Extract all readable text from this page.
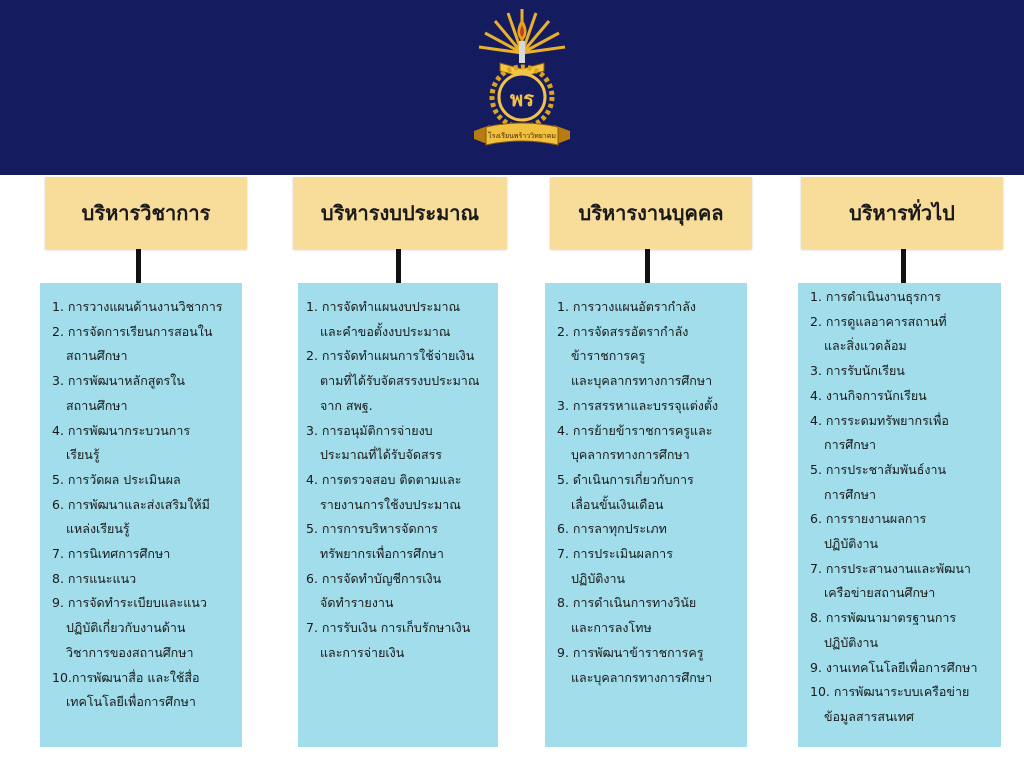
พร
โรงเรียนพร้าววิทยาคม
บริหารวิชาการ
1. การวางแผนด้านงานวิชาการ
2. การจัดการเรียนการสอนใน
สถานศึกษา
3. การพัฒนาหลักสูตรใน
สถานศึกษา
4. การพัฒนากระบวนการ
เรียนรู้
5. การวัดผล ประเมินผล
6. การพัฒนาและส่งเสริมให้มี
แหล่งเรียนรู้
7. การนิเทศการศึกษา
8. การแนะแนว
9. การจัดทำระเบียบและแนว
ปฏิบัติเกี่ยวกับงานด้าน
วิชาการของสถานศึกษา
10.การพัฒนาสื่อ และใช้สื่อ
เทคโนโลยีเพื่อการศึกษา
บริหารงบประมาณ
1. การจัดทำแผนงบประมาณ
และคำขอตั้งงบประมาณ
2. การจัดทำแผนการใช้จ่ายเงิน
ตามที่ได้รับจัดสรรงบประมาณ
จาก สพฐ.
3. การอนุมัติการจ่ายงบ
ประมาณที่ได้รับจัดสรร
4. การตรวจสอบ ติดตามและ
รายงานการใช้งบประมาณ
5. การการบริหารจัดการ
ทรัพยากรเพื่อการศึกษา
6. การจัดทำบัญชีการเงิน
จัดทำรายงาน
7. การรับเงิน การเก็บรักษาเงิน
และการจ่ายเงิน
บริหารงานบุคคล
1. การวางแผนอัตรากำลัง
2. การจัดสรรอัตรากำลัง
ข้าราชการครู
และบุคลากรทางการศึกษา
3. การสรรหาและบรรจุแต่งตั้ง
4. การย้ายข้าราชการครูและ
บุคลากรทางการศึกษา
5. ดำเนินการเกี่ยวกับการ
เลื่อนขั้นเงินเดือน
6. การลาทุกประเภท
7. การประเมินผลการ
ปฏิบัติงาน
8. การดำเนินการทางวินัย
และการลงโทษ
9. การพัฒนาข้าราชการครู
และบุคลากรทางการศึกษา
บริหารทั่วไป
1. การดำเนินงานธุรการ
2. การดูแลอาคารสถานที่
และสิ่งแวดล้อม
3. การรับนักเรียน
4. งานกิจการนักเรียน
4. การระดมทรัพยากรเพื่อ
การศึกษา
5. การประชาสัมพันธ์งาน
การศึกษา
6. การรายงานผลการ
ปฏิบัติงาน
7. การประสานงานและพัฒนา
เครือข่ายสถานศึกษา
8. การพัฒนามาตรฐานการ
ปฏิบัติงาน
9. งานเทคโนโลยีเพื่อการศึกษา
10. การพัฒนาระบบเครือข่าย
ข้อมูลสารสนเทศ
